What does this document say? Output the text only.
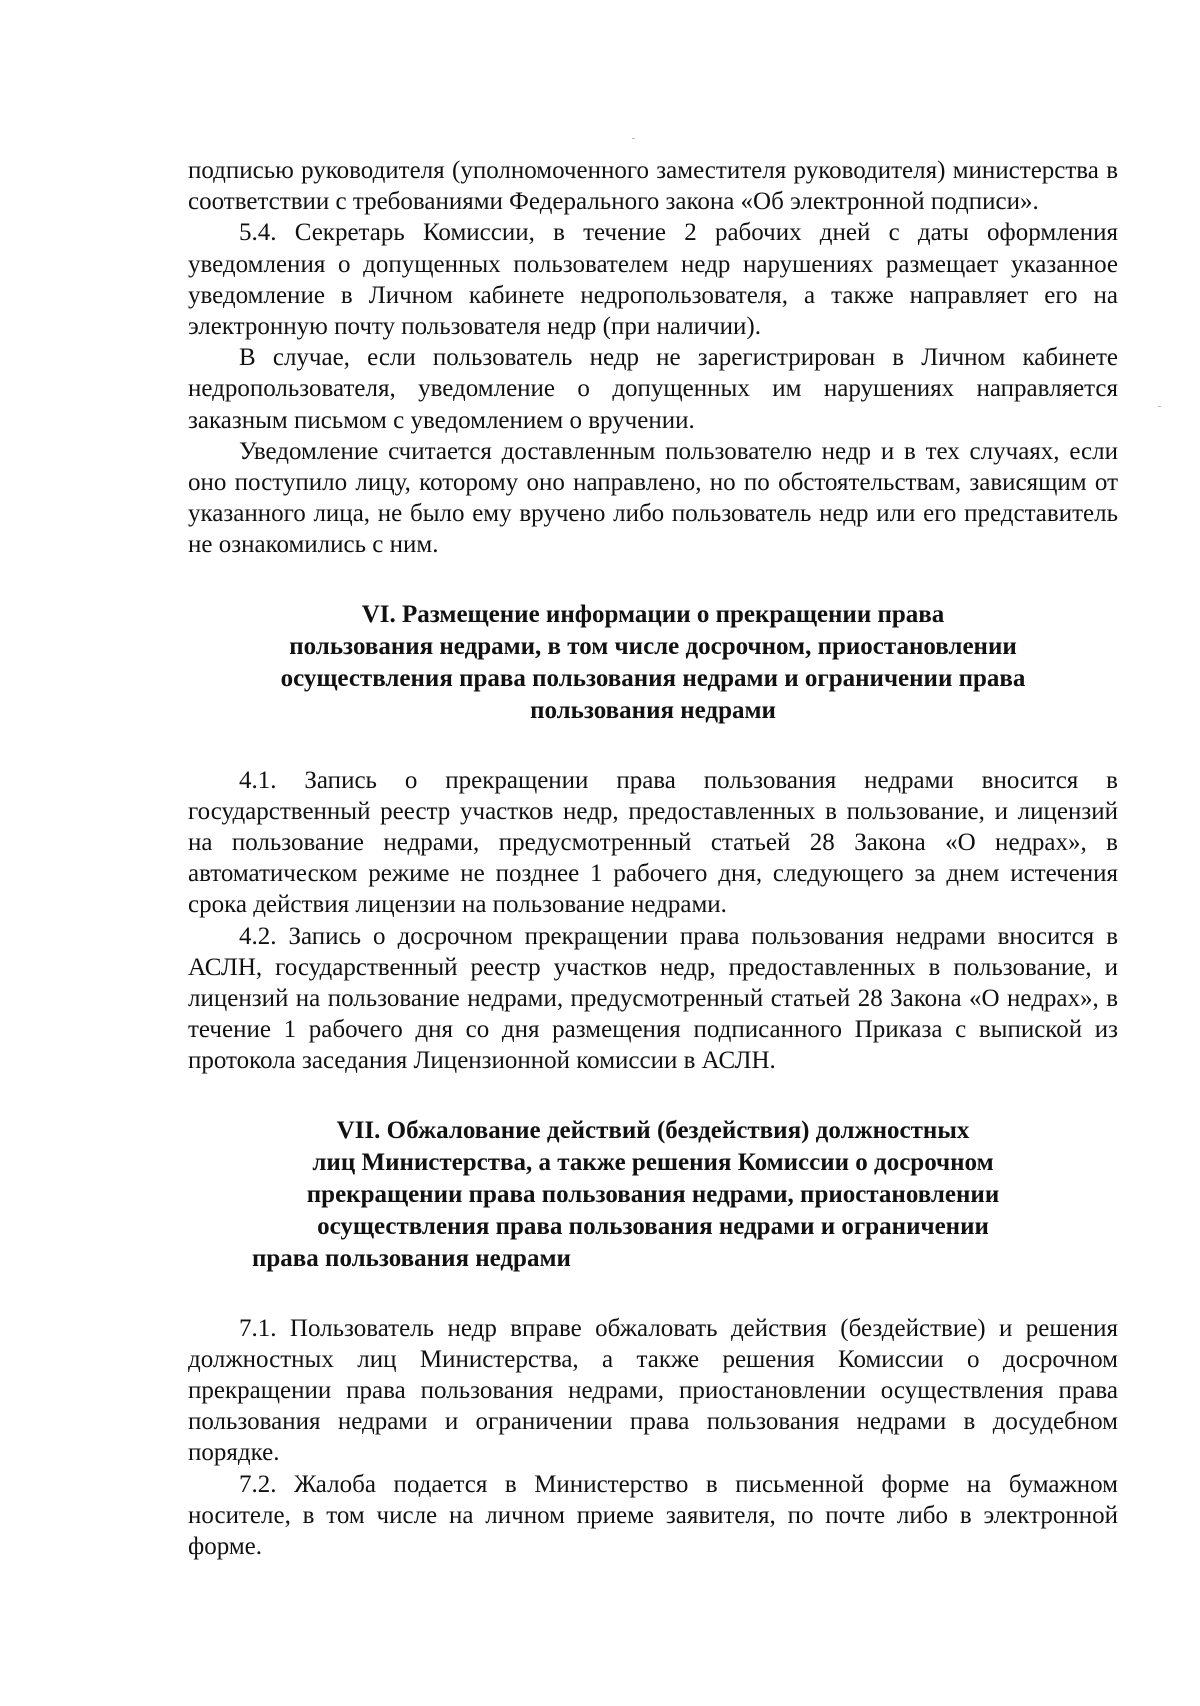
подписью руководителя (уполномоченного заместителя руководителя) министерства в соответствии с требованиями Федерального закона «Об электронной подписи».

5.4. Секретарь Комиссии, в течение 2 рабочих дней с даты оформления уведомления о допущенных пользователем недр нарушениях размещает указанное уведомление в Личном кабинете недропользователя, а также направляет его на электронную почту пользователя недр (при наличии).

В случае, если пользователь недр не зарегистрирован в Личном кабинете недропользователя, уведомление о допущенных им нарушениях направляется заказным письмом с уведомлением о вручении.

Уведомление считается доставленным пользователю недр и в тех случаях, если оно поступило лицу, которому оно направлено, но по обстоятельствам, зависящим от указанного лица, не было ему вручено либо пользователь недр или его представитель не ознакомились с ним.

VI. Размещение информации о прекращении права
пользования недрами, в том числе досрочном, приостановлении
осуществления права пользования недрами и ограничении права
пользования недрами

4.1. Запись о прекращении права пользования недрами вносится в государственный реестр участков недр, предоставленных в пользование, и лицензий на пользование недрами, предусмотренный статьей 28 Закона «О недрах», в автоматическом режиме не позднее 1 рабочего дня, следующего за днем истечения срока действия лицензии на пользование недрами.

4.2. Запись о досрочном прекращении права пользования недрами вносится в АСЛН, государственный реестр участков недр, предоставленных в пользование, и лицензий на пользование недрами, предусмотренный статьей 28 Закона «О недрах», в течение 1 рабочего дня со дня размещения подписанного Приказа с выпиской из протокола заседания Лицензионной комиссии в АСЛН.

VII. Обжалование действий (бездействия) должностных
лиц Министерства, а также решения Комиссии о досрочном
прекращении права пользования недрами, приостановлении
осуществления права пользования недрами и ограничении
права пользования недрами

7.1. Пользователь недр вправе обжаловать действия (бездействие) и решения должностных лиц Министерства, а также решения Комиссии о досрочном прекращении права пользования недрами, приостановлении осуществления права пользования недрами и ограничении права пользования недрами в досудебном порядке.

7.2. Жалоба подается в Министерство в письменной форме на бумажном носителе, в том числе на личном приеме заявителя, по почте либо в электронной форме.
